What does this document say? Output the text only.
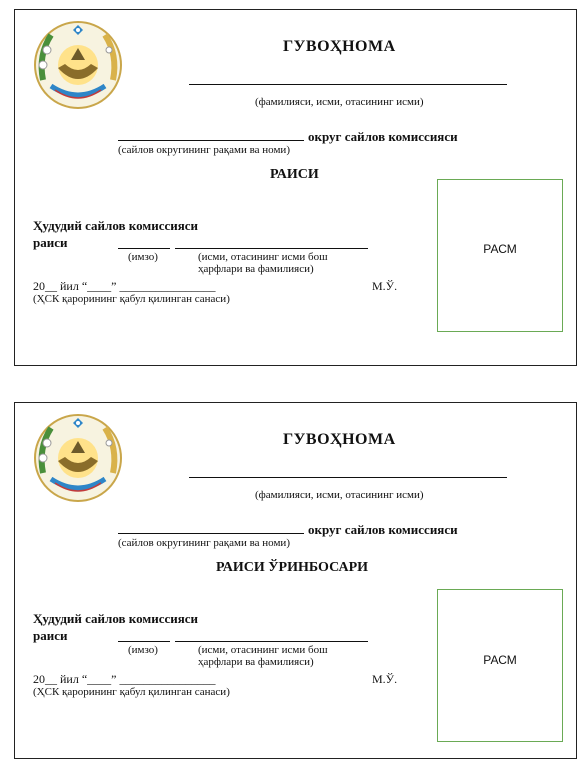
ГУВОҲНОМА
(фамилияси, исми, отасининг исми)
округ сайлов комиссияси
(сайлов округининг рақами ва номи)
РАИСИ
Ҳудудий сайлов комиссияси раиси
(имзо)	(исми, отасининг исми бош ҳарфлари ва фамилияси)
20__ йил “____” ________________
(ҲСК қарорининг қабул қилинган санаси)
М.Ў.
РАСМ
ГУВОҲНОМА
(фамилияси, исми, отасининг исми)
округ сайлов комиссияси
(сайлов округининг рақами ва номи)
РАИСИ ЎРИНБОСАРИ
Ҳудудий сайлов комиссияси раиси
(имзо)	(исми, отасининг исми бош ҳарфлари ва фамилияси)
20__ йил “____” ________________
(ҲСК қарорининг қабул қилинган санаси)
М.Ў.
РАСМ
